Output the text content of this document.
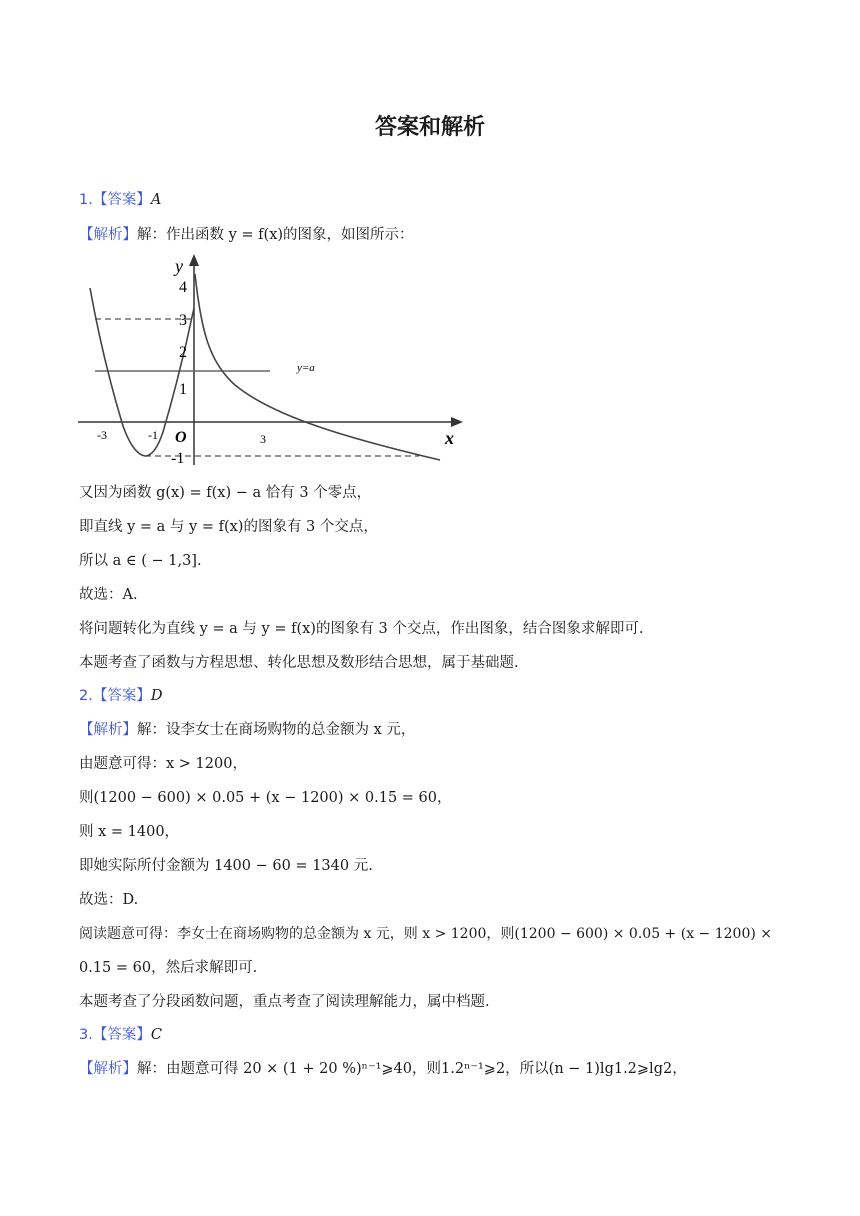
答案和解析
1.【答案】A
【解析】解：作出函数 y = f(x)的图象，如图所示：
y
x
O
4
3
2
1
-1
-3	-1	3
y=a
又因为函数 g(x) = f(x) − a 恰有 3 个零点，
即直线 y = a 与 y = f(x)的图象有 3 个交点，
所以 a ∈ ( − 1,3].
故选：A.
将问题转化为直线 y = a 与 y = f(x)的图象有 3 个交点，作出图象，结合图象求解即可.
本题考查了函数与方程思想、转化思想及数形结合思想，属于基础题.
2.【答案】D
【解析】解：设李女士在商场购物的总金额为 x 元，
由题意可得：x > 1200，
则(1200 − 600) × 0.05 + (x − 1200) × 0.15 = 60，
则 x = 1400，
即她实际所付金额为 1400 − 60 = 1340 元.
故选：D.
阅读题意可得：李女士在商场购物的总金额为 x 元，则 x > 1200，则(1200 − 600) × 0.05 + (x − 1200) ×
0.15 = 60，然后求解即可.
本题考查了分段函数问题，重点考查了阅读理解能力，属中档题.
3.【答案】C
【解析】解：由题意可得 20 × (1 + 20 %)ⁿ⁻¹⩾40，则1.2ⁿ⁻¹⩾2，所以(n − 1)lg1.2⩾lg2，
